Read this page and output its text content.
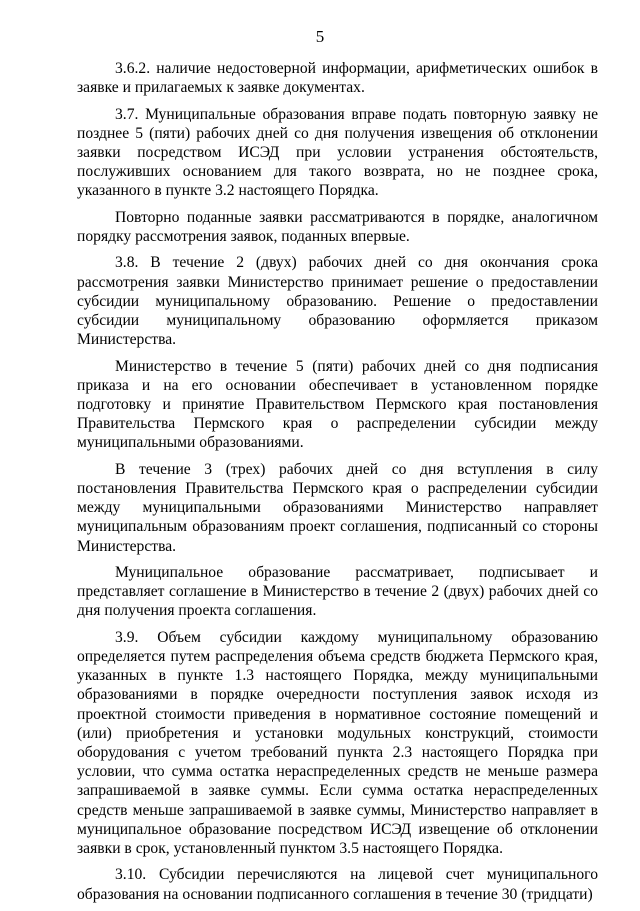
5

3.6.2. наличие недостоверной информации, арифметических ошибок в заявке и прилагаемых к заявке документах.

3.7. Муниципальные образования вправе подать повторную заявку не позднее 5 (пяти) рабочих дней со дня получения извещения об отклонении заявки посредством ИСЭД при условии устранения обстоятельств, послуживших основанием для такого возврата, но не позднее срока, указанного в пункте 3.2 настоящего Порядка.

Повторно поданные заявки рассматриваются в порядке, аналогичном порядку рассмотрения заявок, поданных впервые.

3.8. В течение 2 (двух) рабочих дней со дня окончания срока рассмотрения заявки Министерство принимает решение о предоставлении субсидии муниципальному образованию. Решение о предоставлении субсидии муниципальному образованию оформляется приказом Министерства.

Министерство в течение 5 (пяти) рабочих дней со дня подписания приказа и на его основании обеспечивает в установленном порядке подготовку и принятие Правительством Пермского края постановления Правительства Пермского края о распределении субсидии между муниципальными образованиями.

В течение 3 (трех) рабочих дней со дня вступления в силу постановления Правительства Пермского края о распределении субсидии между муниципальными образованиями Министерство направляет муниципальным образованиям проект соглашения, подписанный со стороны Министерства.

Муниципальное образование рассматривает, подписывает и представляет соглашение в Министерство в течение 2 (двух) рабочих дней со дня получения проекта соглашения.

3.9. Объем субсидии каждому муниципальному образованию определяется путем распределения объема средств бюджета Пермского края, указанных в пункте 1.3 настоящего Порядка, между муниципальными образованиями в порядке очередности поступления заявок исходя из проектной стоимости приведения в нормативное состояние помещений и (или) приобретения и установки модульных конструкций, стоимости оборудования с учетом требований пункта 2.3 настоящего Порядка при условии, что сумма остатка нераспределенных средств не меньше размера запрашиваемой в заявке суммы. Если сумма остатка нераспределенных средств меньше запрашиваемой в заявке суммы, Министерство направляет в муниципальное образование посредством ИСЭД извещение об отклонении заявки в срок, установленный пунктом 3.5 настоящего Порядка.

3.10. Субсидии перечисляются на лицевой счет муниципального образования на основании подписанного соглашения в течение 30 (тридцати)
